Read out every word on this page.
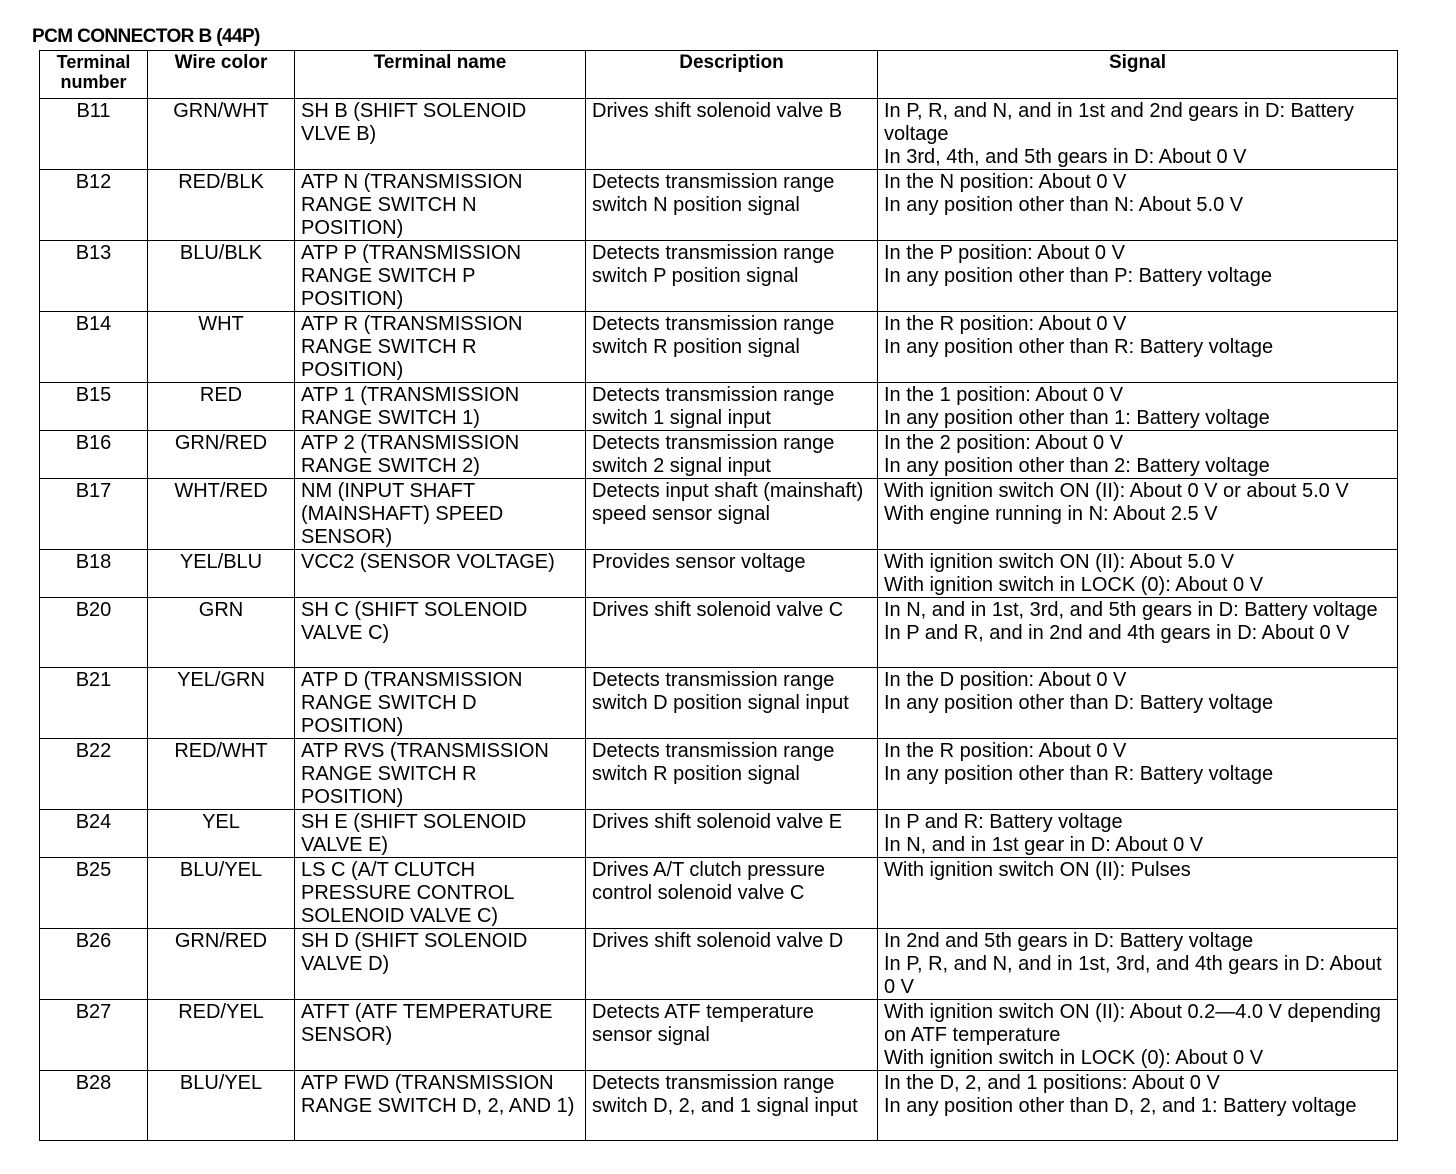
PCM CONNECTOR B (44P)
Terminal number	Wire color	Terminal name	Description	Signal
B11	GRN/WHT	SH B (SHIFT SOLENOID VLVE B)	Drives shift solenoid valve B	In P, R, and N, and in 1st and 2nd gears in D: Battery voltage
In 3rd, 4th, and 5th gears in D: About 0 V
B12	RED/BLK	ATP N (TRANSMISSION RANGE SWITCH N POSITION)	Detects transmission range switch N position signal	In the N position: About 0 V
In any position other than N: About 5.0 V
B13	BLU/BLK	ATP P (TRANSMISSION RANGE SWITCH P POSITION)	Detects transmission range switch P position signal	In the P position: About 0 V
In any position other than P: Battery voltage
B14	WHT	ATP R (TRANSMISSION RANGE SWITCH R POSITION)	Detects transmission range switch R position signal	In the R position: About 0 V
In any position other than R: Battery voltage
B15	RED	ATP 1 (TRANSMISSION RANGE SWITCH 1)	Detects transmission range switch 1 signal input	In the 1 position: About 0 V
In any position other than 1: Battery voltage
B16	GRN/RED	ATP 2 (TRANSMISSION RANGE SWITCH 2)	Detects transmission range switch 2 signal input	In the 2 position: About 0 V
In any position other than 2: Battery voltage
B17	WHT/RED	NM (INPUT SHAFT (MAINSHAFT) SPEED SENSOR)	Detects input shaft (mainshaft) speed sensor signal	With ignition switch ON (II): About 0 V or about 5.0 V
With engine running in N: About 2.5 V
B18	YEL/BLU	VCC2 (SENSOR VOLTAGE)	Provides sensor voltage	With ignition switch ON (II): About 5.0 V
With ignition switch in LOCK (0): About 0 V
B20	GRN	SH C (SHIFT SOLENOID VALVE C)	Drives shift solenoid valve C	In N, and in 1st, 3rd, and 5th gears in D: Battery voltage
In P and R, and in 2nd and 4th gears in D: About 0 V
B21	YEL/GRN	ATP D (TRANSMISSION RANGE SWITCH D POSITION)	Detects transmission range switch D position signal input	In the D position: About 0 V
In any position other than D: Battery voltage
B22	RED/WHT	ATP RVS (TRANSMISSION RANGE SWITCH R POSITION)	Detects transmission range switch R position signal	In the R position: About 0 V
In any position other than R: Battery voltage
B24	YEL	SH E (SHIFT SOLENOID VALVE E)	Drives shift solenoid valve E	In P and R: Battery voltage
In N, and in 1st gear in D: About 0 V
B25	BLU/YEL	LS C (A/T CLUTCH PRESSURE CONTROL SOLENOID VALVE C)	Drives A/T clutch pressure control solenoid valve C	With ignition switch ON (II): Pulses
B26	GRN/RED	SH D (SHIFT SOLENOID VALVE D)	Drives shift solenoid valve D	In 2nd and 5th gears in D: Battery voltage
In P, R, and N, and in 1st, 3rd, and 4th gears in D: About 0 V
B27	RED/YEL	ATFT (ATF TEMPERATURE SENSOR)	Detects ATF temperature sensor signal	With ignition switch ON (II): About 0.2—4.0 V depending on ATF temperature
With ignition switch in LOCK (0): About 0 V
B28	BLU/YEL	ATP FWD (TRANSMISSION RANGE SWITCH D, 2, AND 1)	Detects transmission range switch D, 2, and 1 signal input	In the D, 2, and 1 positions: About 0 V
In any position other than D, 2, and 1: Battery voltage
